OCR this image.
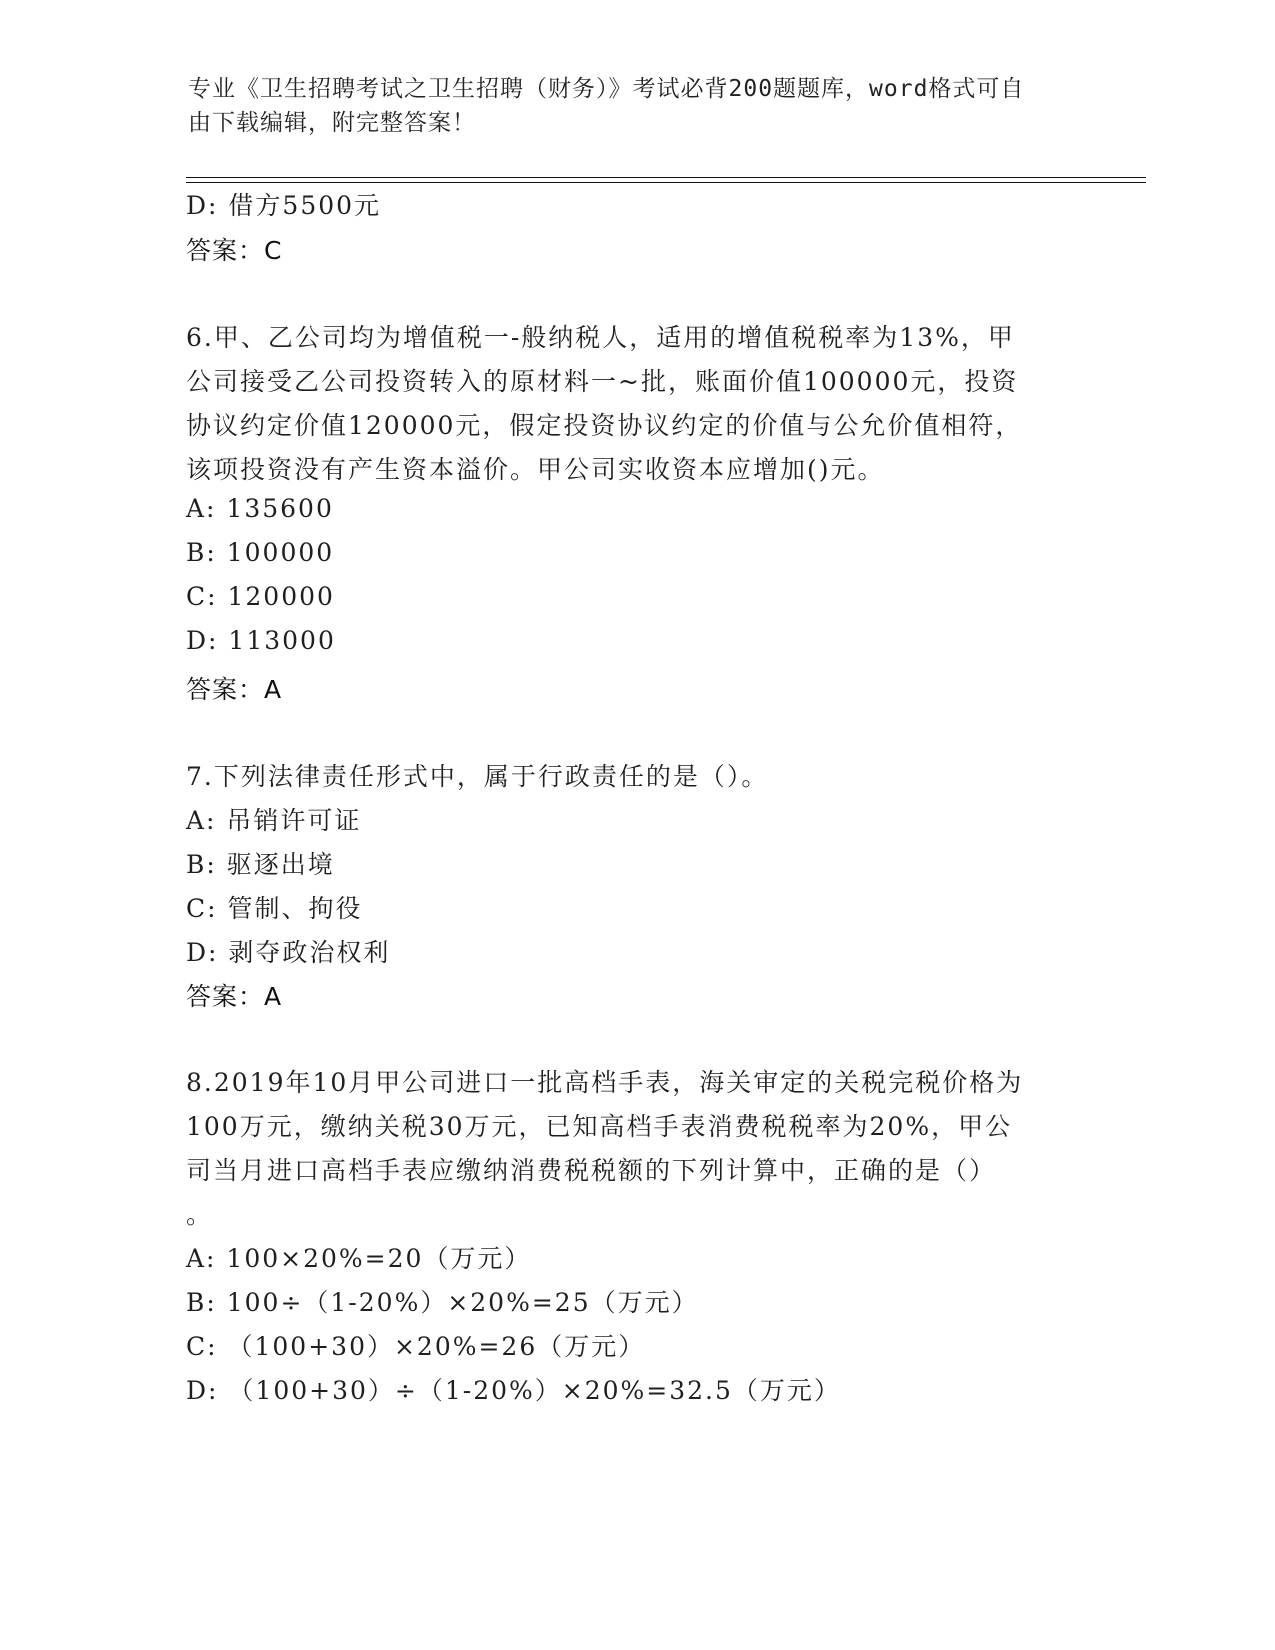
专业《卫生招聘考试之卫生招聘（财务）》考试必背200题题库，word格式可自
由下载编辑，附完整答案！
D: 借方5500元
答案：C
6.甲、乙公司均为增值税一-般纳税人，适用的增值税税率为13%，甲
公司接受乙公司投资转入的原材料一~批，账面价值100000元，投资
协议约定价值120000元，假定投资协议约定的价值与公允价值相符，
该项投资没有产生资本溢价。甲公司实收资本应增加()元。
A: 135600
B: 100000
C: 120000
D: 113000
答案：A
7.下列法律责任形式中，属于行政责任的是（）。
A: 吊销许可证
B: 驱逐出境
C: 管制、拘役
D: 剥夺政治权利
答案：A
8.2019年10月甲公司进口一批高档手表，海关审定的关税完税价格为
100万元，缴纳关税30万元，已知高档手表消费税税率为20%，甲公
司当月进口高档手表应缴纳消费税税额的下列计算中，正确的是（）
。
A: 100×20%=20（万元）
B: 100÷（1-20%）×20%=25（万元）
C: （100+30）×20%=26（万元）
D: （100+30）÷（1-20%）×20%=32.5（万元）
